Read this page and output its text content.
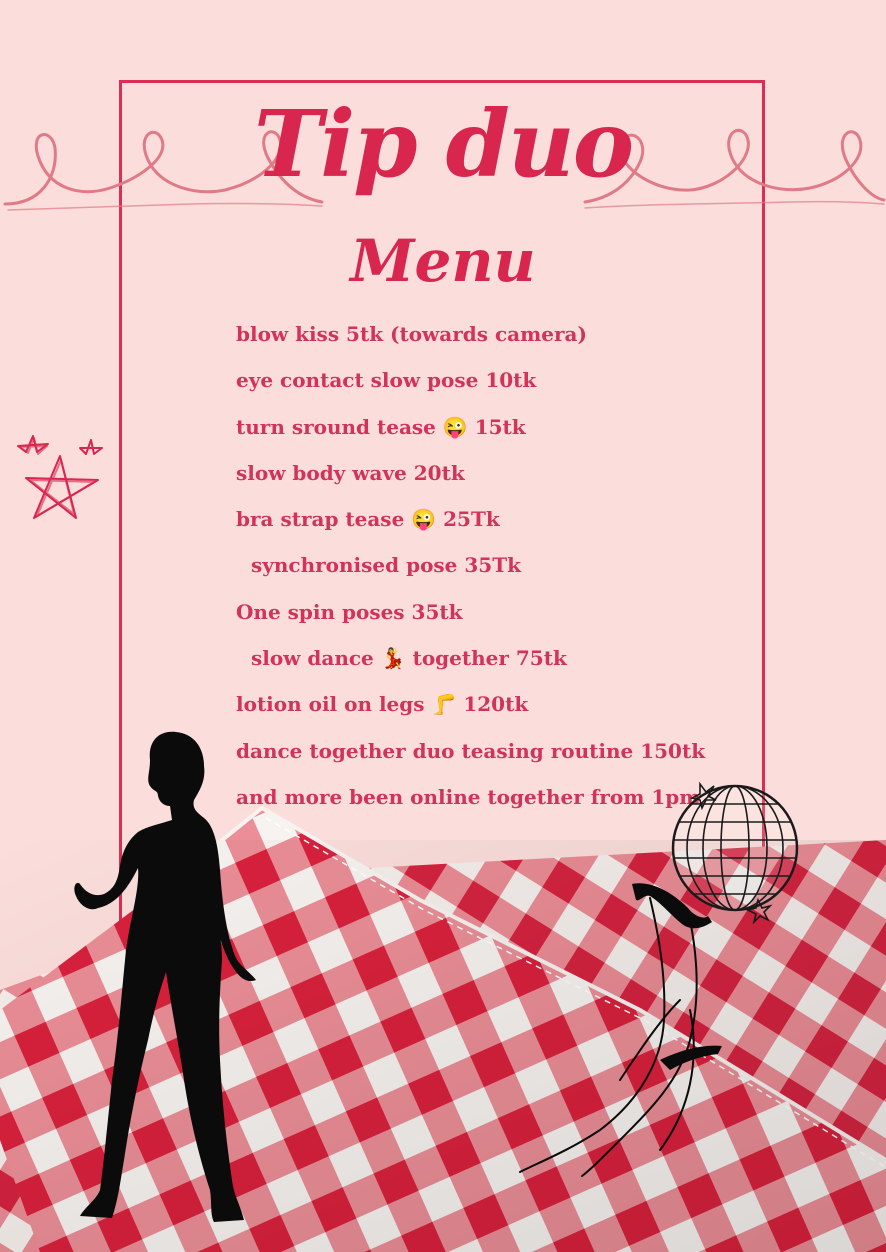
Tip duo
Menu
blow kiss 5tk (towards camera)
eye contact slow pose 10tk
turn sround tease 😜 15tk
slow body wave 20tk
bra strap tease 😜 25Tk
synchronised pose 35Tk
One spin poses 35tk
slow dance 💃 together 75tk
lotion oil on legs 🦵 120tk
dance together duo teasing routine 150tk
and more been online together from 1pm
